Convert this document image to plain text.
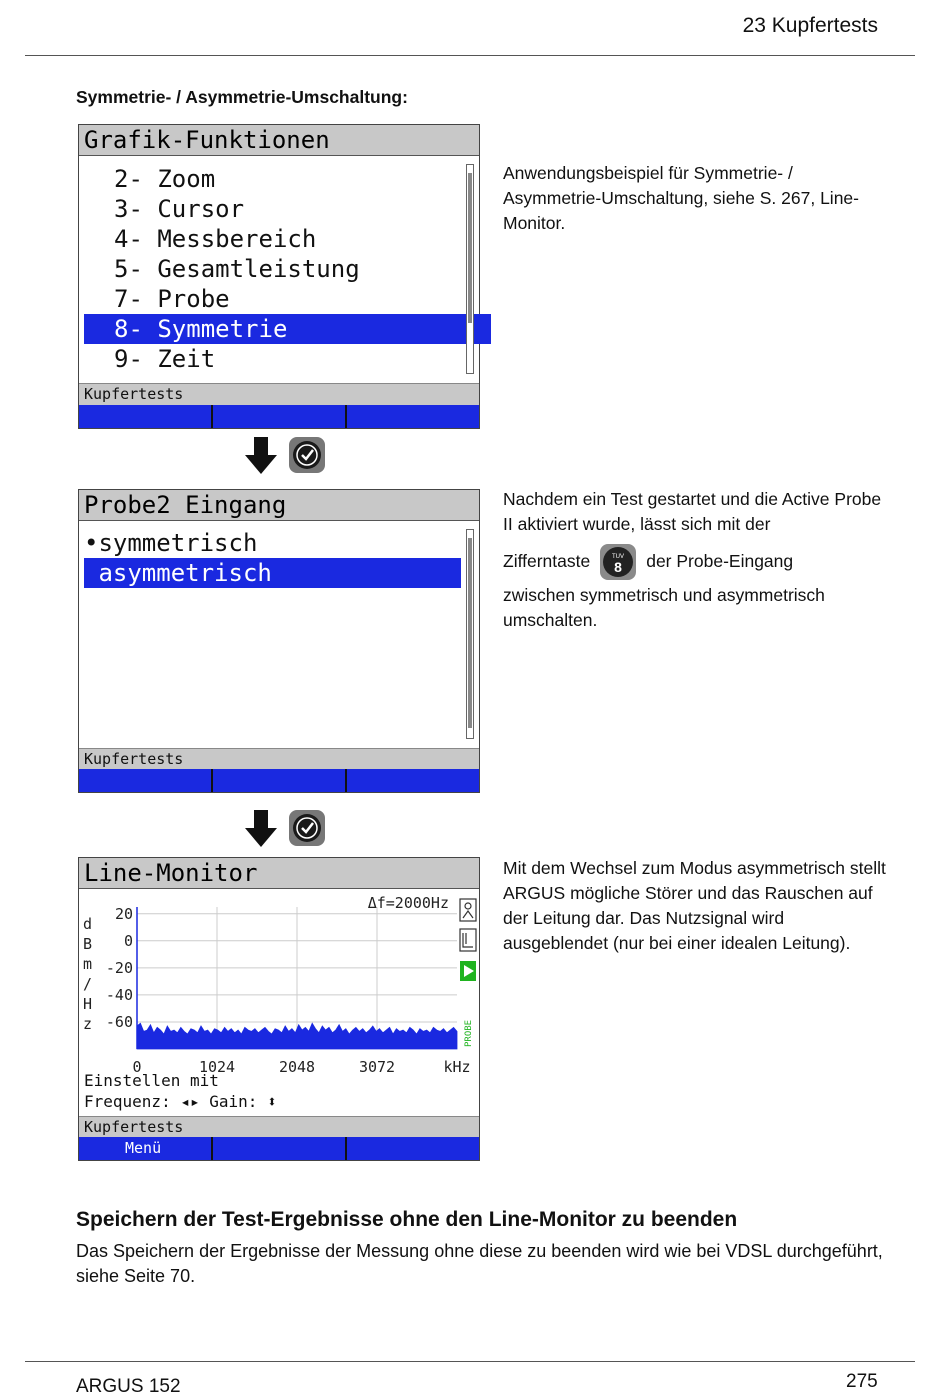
23 Kupfertests
Symmetrie- / Asymmetrie-Umschaltung:
Grafik-Funktionen
2- Zoom
3- Cursor
4- Messbereich
5- Gesamtleistung
7- Probe
8- Symmetrie
9- Zeit
Kupfertests

Anwendungsbeispiel für Symmetrie- / Asymmetrie-Umschaltung, siehe S. 267, Line-Monitor.

Probe2 Eingang
•symmetrisch
asymmetrisch
Kupfertests

Nachdem ein Test gestartet und die Active Probe II aktiviert wurde, lässt sich mit der

Zifferntaste	TUV
8 der Probe-Eingang

zwischen symmetrisch und asymmetrisch umschalten.

Line-Monitor
Δf=2000Hz
d
B
m
/
H
z
20
0
-20
-40
-60
0	1024	2048	3072	kHz
PROBE
Einstellen mit
Frequenz: ◂▸ Gain: ⬍
Kupfertests
Menü

Mit dem Wechsel zum Modus asymmetrisch stellt ARGUS mögliche Störer und das Rauschen auf der Leitung dar. Das Nutzsignal wird ausgeblendet (nur bei einer idealen Leitung).

Speichern der Test-Ergebnisse ohne den Line-Monitor zu beenden
Das Speichern der Ergebnisse der Messung ohne diese zu beenden wird wie bei VDSL durchgeführt, siehe Seite 70.
ARGUS 152	275
